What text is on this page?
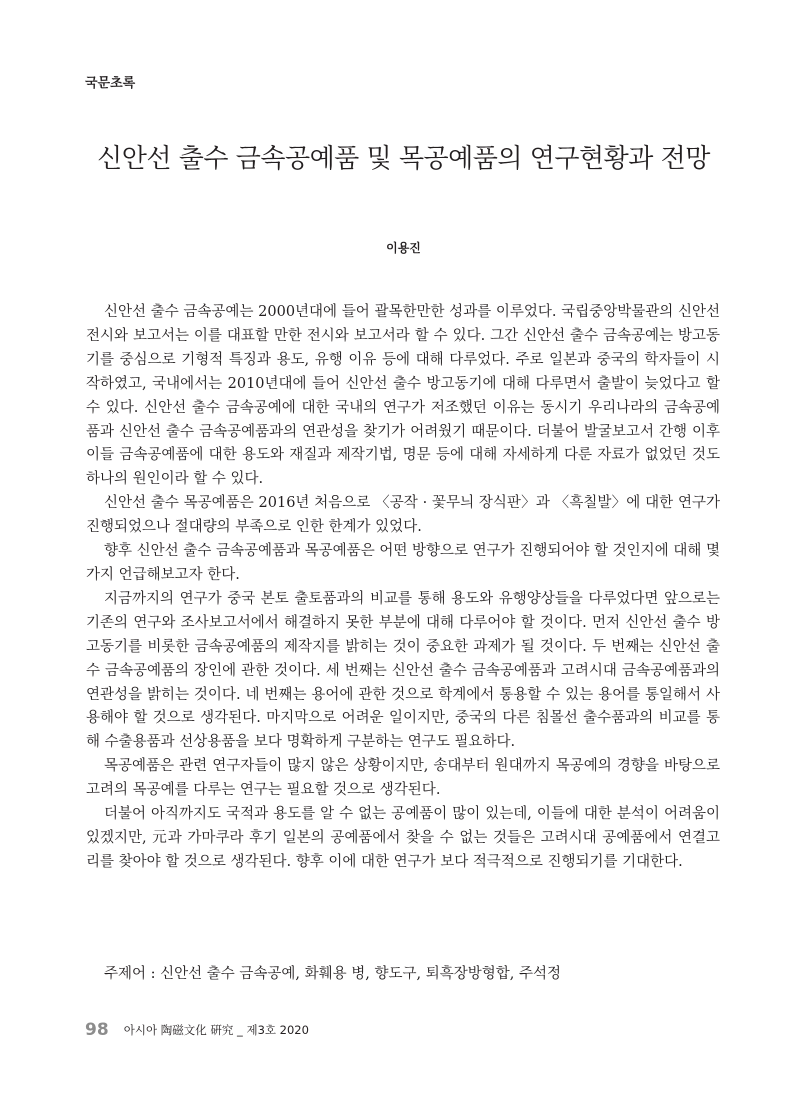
국문초록
신안선 출수 금속공예품 및 목공예품의 연구현황과 전망
이용진

신안선 출수 금속공예는 2000년대에 들어 괄목한만한 성과를 이루었다. 국립중앙박물관의 신안선 전시와 보고서는 이를 대표할 만한 전시와 보고서라 할 수 있다. 그간 신안선 출수 금속공예는 방고동기를 중심으로 기형적 특징과 용도, 유행 이유 등에 대해 다루었다. 주로 일본과 중국의 학자들이 시작하였고, 국내에서는 2010년대에 들어 신안선 출수 방고동기에 대해 다루면서 출발이 늦었다고 할 수 있다. 신안선 출수 금속공예에 대한 국내의 연구가 저조했던 이유는 동시기 우리나라의 금속공예품과 신안선 출수 금속공예품과의 연관성을 찾기가 어려웠기 때문이다. 더불어 발굴보고서 간행 이후 이들 금속공예품에 대한 용도와 재질과 제작기법, 명문 등에 대해 자세하게 다룬 자료가 없었던 것도 하나의 원인이라 할 수 있다.

신안선 출수 목공예품은 2016년 처음으로 〈공작 · 꽃무늬 장식판〉과 〈흑칠발〉에 대한 연구가 진행되었으나 절대량의 부족으로 인한 한계가 있었다.

향후 신안선 출수 금속공예품과 목공예품은 어떤 방향으로 연구가 진행되어야 할 것인지에 대해 몇 가지 언급해보고자 한다.

지금까지의 연구가 중국 본토 출토품과의 비교를 통해 용도와 유행양상들을 다루었다면 앞으로는 기존의 연구와 조사보고서에서 해결하지 못한 부분에 대해 다루어야 할 것이다. 먼저 신안선 출수 방고동기를 비롯한 금속공예품의 제작지를 밝히는 것이 중요한 과제가 될 것이다. 두 번째는 신안선 출수 금속공예품의 장인에 관한 것이다. 세 번째는 신안선 출수 금속공예품과 고려시대 금속공예품과의 연관성을 밝히는 것이다. 네 번째는 용어에 관한 것으로 학계에서 통용할 수 있는 용어를 통일해서 사용해야 할 것으로 생각된다. 마지막으로 어려운 일이지만, 중국의 다른 침몰선 출수품과의 비교를 통해 수출용품과 선상용품을 보다 명확하게 구분하는 연구도 필요하다.

목공예품은 관련 연구자들이 많지 않은 상황이지만, 송대부터 원대까지 목공예의 경향을 바탕으로 고려의 목공예를 다루는 연구는 필요할 것으로 생각된다.

더불어 아직까지도 국적과 용도를 알 수 없는 공예품이 많이 있는데, 이들에 대한 분석이 어려움이 있겠지만, 元과 가마쿠라 후기 일본의 공예품에서 찾을 수 없는 것들은 고려시대 공예품에서 연결고리를 찾아야 할 것으로 생각된다. 향후 이에 대한 연구가 보다 적극적으로 진행되기를 기대한다.

주제어 : 신안선 출수 금속공예, 화훼용 병, 향도구, 퇴흑장방형합, 주석정
98 아시아 陶磁文化 硏究 _ 제3호 2020
